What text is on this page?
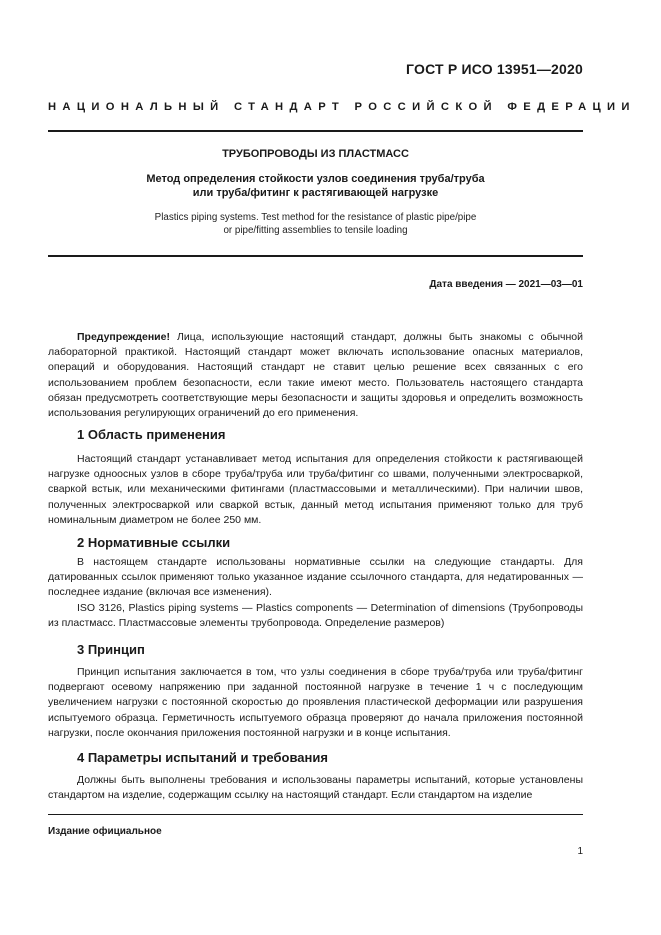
ГОСТ Р ИСО 13951—2020
НАЦИОНАЛЬНЫЙ СТАНДАРТ РОССИЙСКОЙ ФЕДЕРАЦИИ
ТРУБОПРОВОДЫ ИЗ ПЛАСТМАСС
Метод определения стойкости узлов соединения труба/труба
или труба/фитинг к растягивающей нагрузке
Plastics piping systems. Test method for the resistance of plastic pipe/pipe
or pipe/fitting assemblies to tensile loading
Дата введения — 2021—03—01

Предупреждение! Лица, использующие настоящий стандарт, должны быть знакомы с обычной лабораторной практикой. Настоящий стандарт может включать использование опасных материалов, операций и оборудования. Настоящий стандарт не ставит целью решение всех связанных с его использованием проблем безопасности, если такие имеют место. Пользователь настоящего стандарта обязан предусмотреть соответствующие меры безопасности и защиты здоровья и определить возможность использования регулирующих ограничений до его применения.

1 Область применения

Настоящий стандарт устанавливает метод испытания для определения стойкости к растягивающей нагрузке одноосных узлов в сборе труба/труба или труба/фитинг со швами, полученными электросваркой, сваркой встык, или механическими фитингами (пластмассовыми и металлическими). При наличии швов, полученных электросваркой или сваркой встык, данный метод испытания применяют только для труб номинальным диаметром не более 250 мм.

2 Нормативные ссылки

В настоящем стандарте использованы нормативные ссылки на следующие стандарты. Для датированных ссылок применяют только указанное издание ссылочного стандарта, для недатированных — последнее издание (включая все изменения).

ISO 3126, Plastics piping systems — Plastics components — Determination of dimensions (Трубопроводы из пластмасс. Пластмассовые элементы трубопровода. Определение размеров)

3 Принцип

Принцип испытания заключается в том, что узлы соединения в сборе труба/труба или труба/фитинг подвергают осевому напряжению при заданной постоянной нагрузке в течение 1 ч с последующим увеличением нагрузки с постоянной скоростью до проявления пластической деформации или разрушения испытуемого образца. Герметичность испытуемого образца проверяют до начала приложения постоянной нагрузки, после окончания приложения постоянной нагрузки и в конце испытания.

4 Параметры испытаний и требования

Должны быть выполнены требования и использованы параметры испытаний, которые установлены стандартом на изделие, содержащим ссылку на настоящий стандарт. Если стандартом на изделие

Издание официальное
1
